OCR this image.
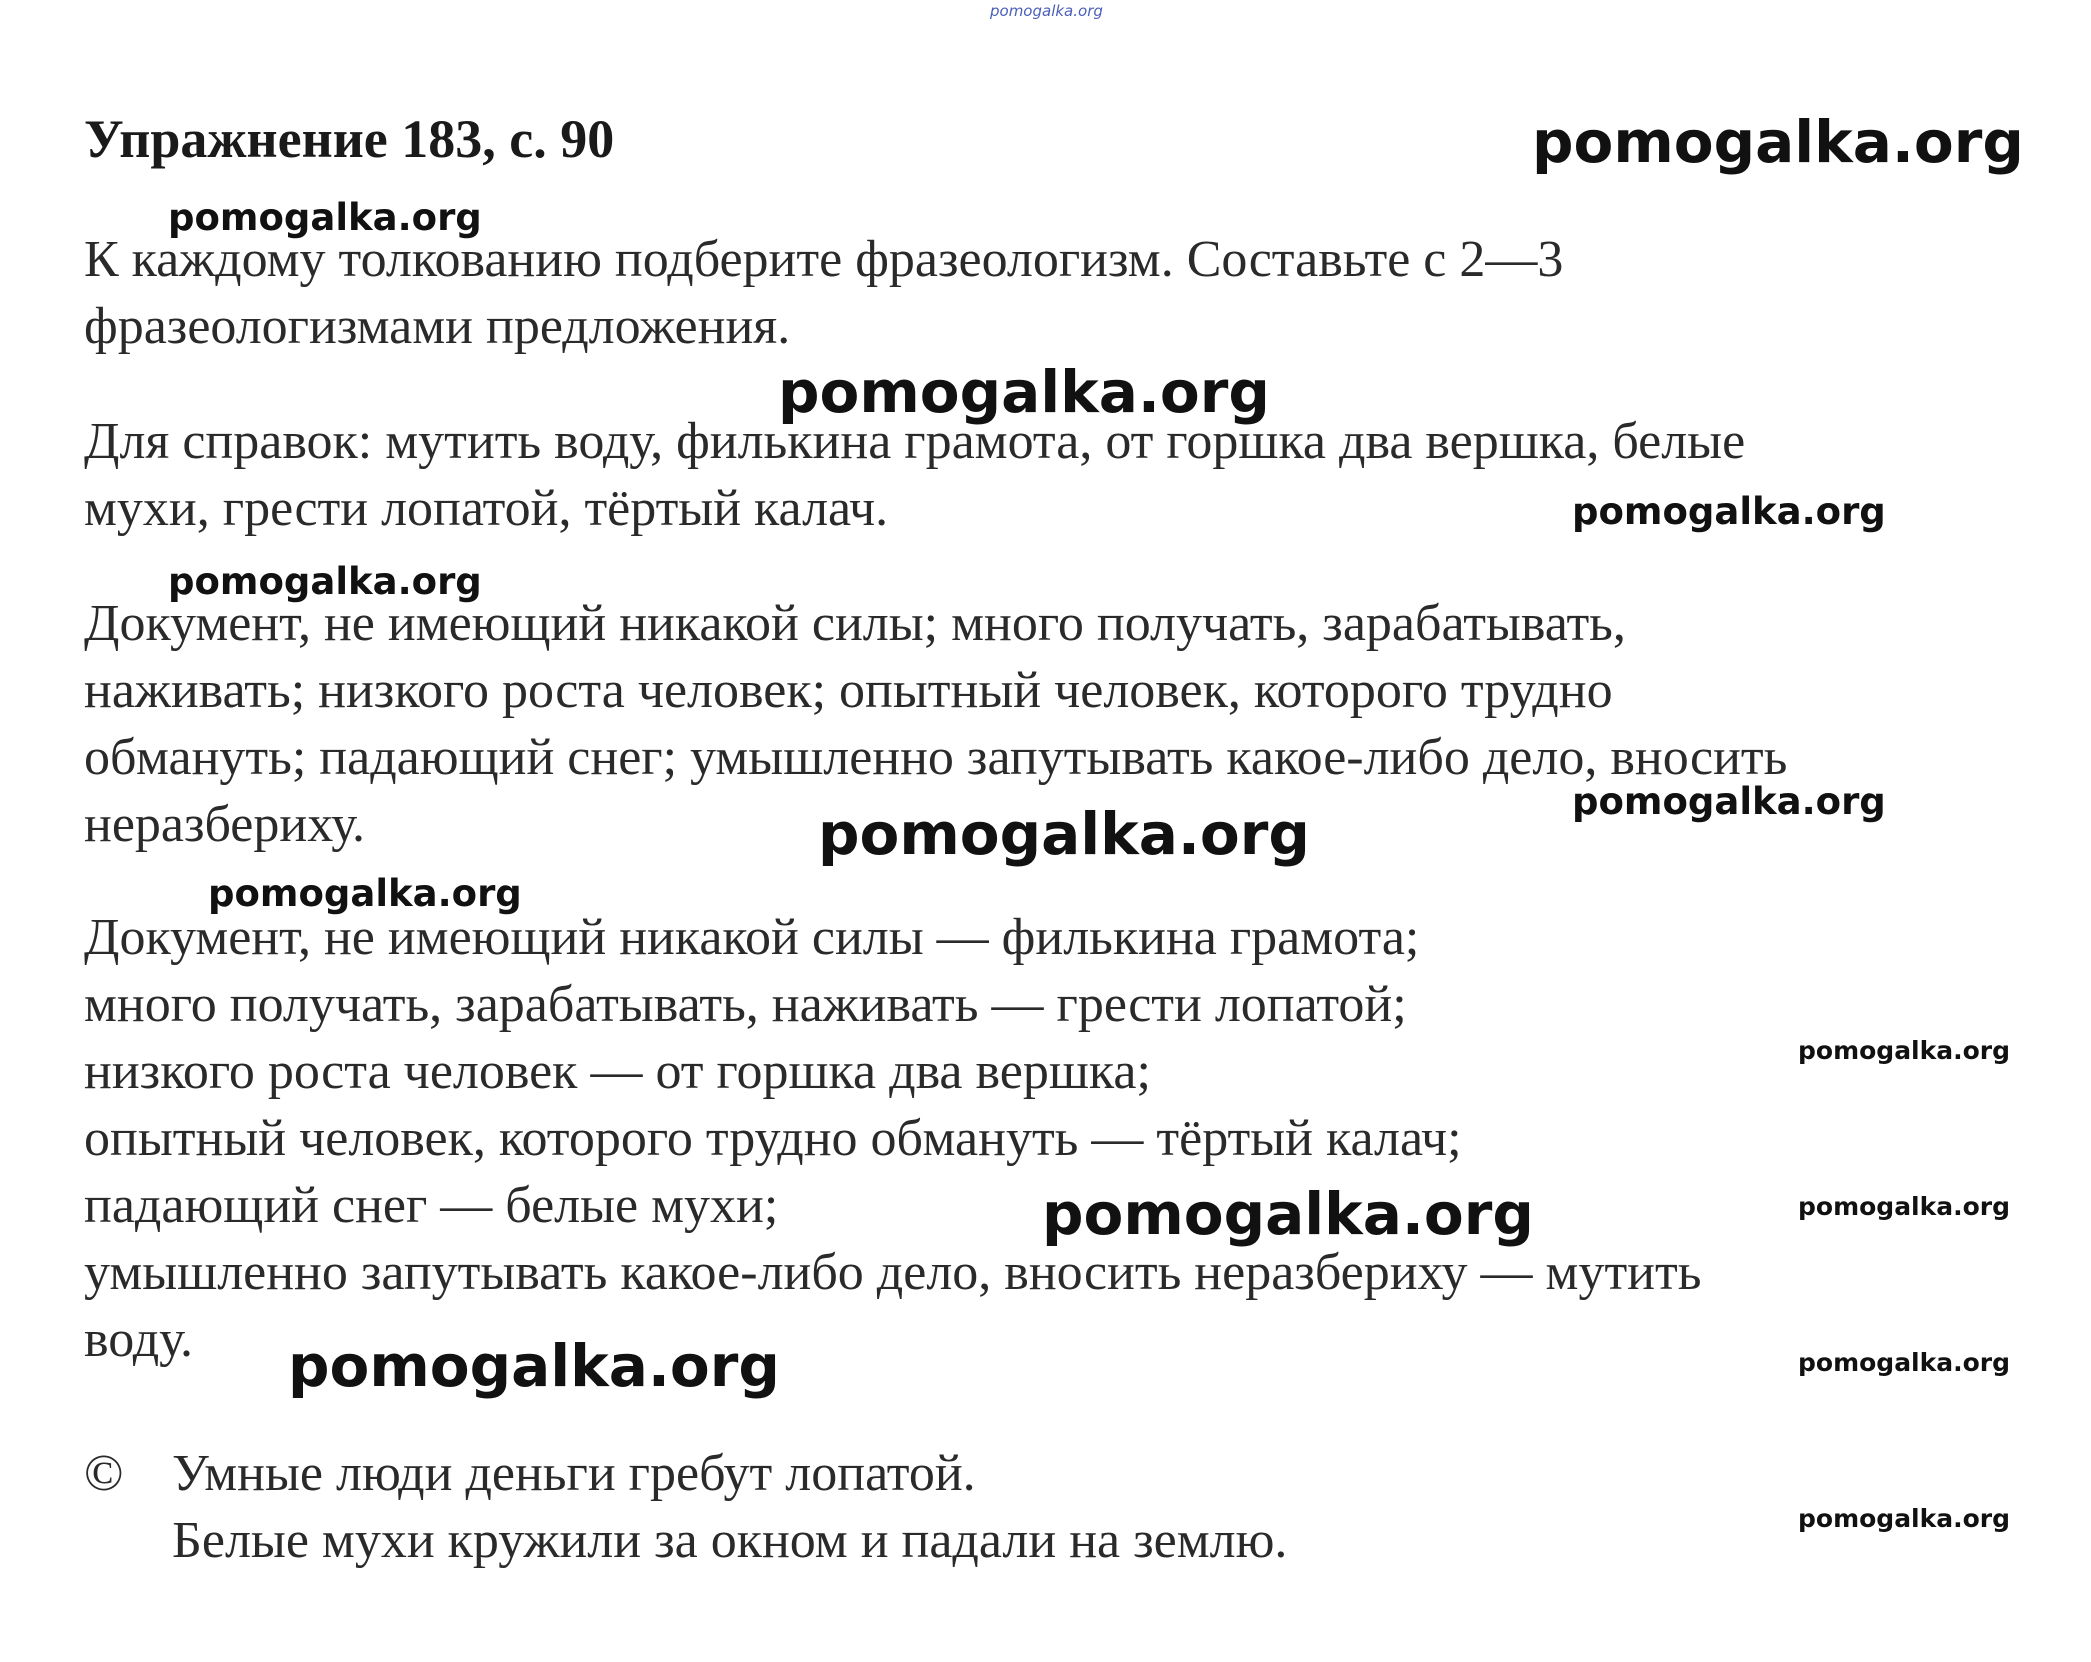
pomogalka.org
Упражнение 183, с. 90
К каждому толкованию подберите фразеологизм. Составьте с 2—3
фразеологизмами предложения.
Для справок: мутить воду, филькина грамота, от горшка два вершка, белые
мухи, грести лопатой, тёртый калач.
Документ, не имеющий никакой силы; много получать, зарабатывать,
наживать; низкого роста человек; опытный человек, которого трудно
обмануть; падающий снег; умышленно запутывать какое-либо дело, вносить
неразбериху.
Документ, не имеющий никакой силы — филькина грамота;
много получать, зарабатывать, наживать — грести лопатой;
низкого роста человек — от горшка два вершка;
опытный человек, которого трудно обмануть — тёртый калач;
падающий снег — белые мухи;
умышленно запутывать какое-либо дело, вносить неразбериху — мутить
воду.
© Умные люди деньги гребут лопатой.
Белые мухи кружили за окном и падали на землю.
pomogalka.org
pomogalka.org
pomogalka.org
pomogalka.org
pomogalka.org
pomogalka.org
pomogalka.org
pomogalka.org
pomogalka.org
pomogalka.org	pomogalka.org
pomogalka.org	pomogalka.org
pomogalka.org
